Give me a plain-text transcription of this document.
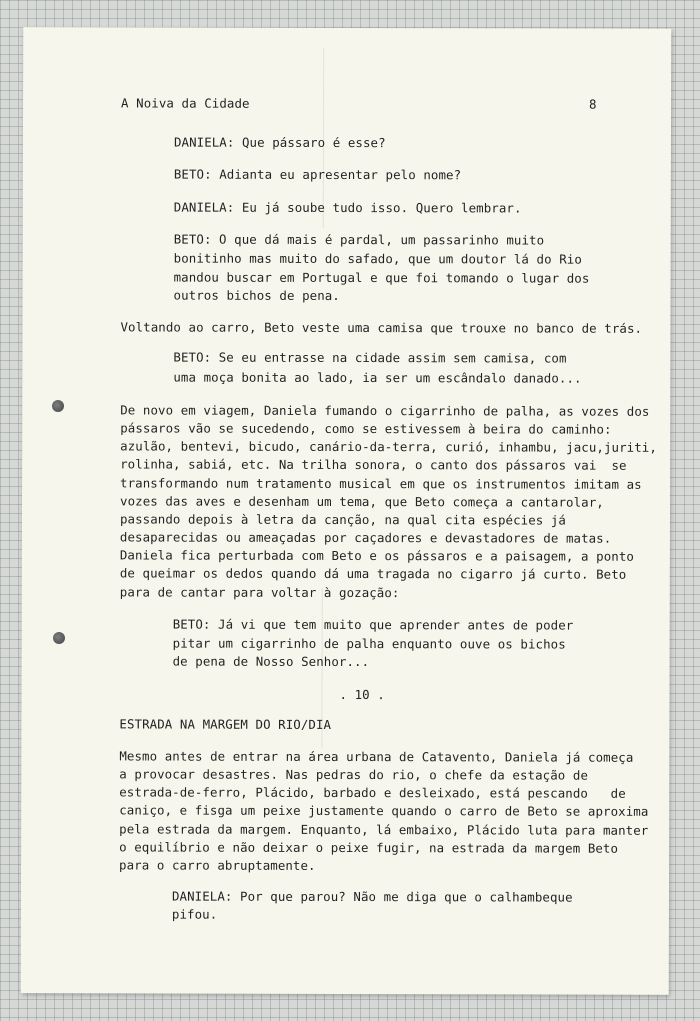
A Noiva da Cidade	8

DANIELA: Que pássaro é esse?

BETO: Adianta eu apresentar pelo nome?

DANIELA: Eu já soube tudo isso. Quero lembrar.

BETO: O que dá mais é pardal, um passarinho muito

bonitinho mas muito do safado, que um doutor lá do Rio

mandou buscar em Portugal e que foi tomando o lugar dos

outros bichos de pena.

Voltando ao carro, Beto veste uma camisa que trouxe no banco de trás.

BETO: Se eu entrasse na cidade assim sem camisa, com

uma moça bonita ao lado, ia ser um escândalo danado...

De novo em viagem, Daniela fumando o cigarrinho de palha, as vozes dos

pássaros vão se sucedendo, como se estivessem à beira do caminho:

azulão, bentevi, bicudo, canário-da-terra, curió, inhambu, jacu,juriti,

rolinha, sabiá, etc. Na trilha sonora, o canto dos pássaros vai  se

transformando num tratamento musical em que os instrumentos imitam as

vozes das aves e desenham um tema, que Beto começa a cantarolar,

passando depois à letra da canção, na qual cita espécies já

desaparecidas ou ameaçadas por caçadores e devastadores de matas.

Daniela fica perturbada com Beto e os pássaros e a paisagem, a ponto

de queimar os dedos quando dá uma tragada no cigarro já curto. Beto

para de cantar para voltar à gozação:

BETO: Já vi que tem muito que aprender antes de poder

pitar um cigarrinho de palha enquanto ouve os bichos

de pena de Nosso Senhor...

. 10 .

ESTRADA NA MARGEM DO RIO/DIA

Mesmo antes de entrar na área urbana de Catavento, Daniela já começa

a provocar desastres. Nas pedras do rio, o chefe da estação de

estrada-de-ferro, Plácido, barbado e desleixado, está pescando   de

caniço, e fisga um peixe justamente quando o carro de Beto se aproxima

pela estrada da margem. Enquanto, lá embaixo, Plácido luta para manter

o equilíbrio e não deixar o peixe fugir, na estrada da margem Beto

para o carro abruptamente.

DANIELA: Por que parou? Não me diga que o calhambeque

pifou.
